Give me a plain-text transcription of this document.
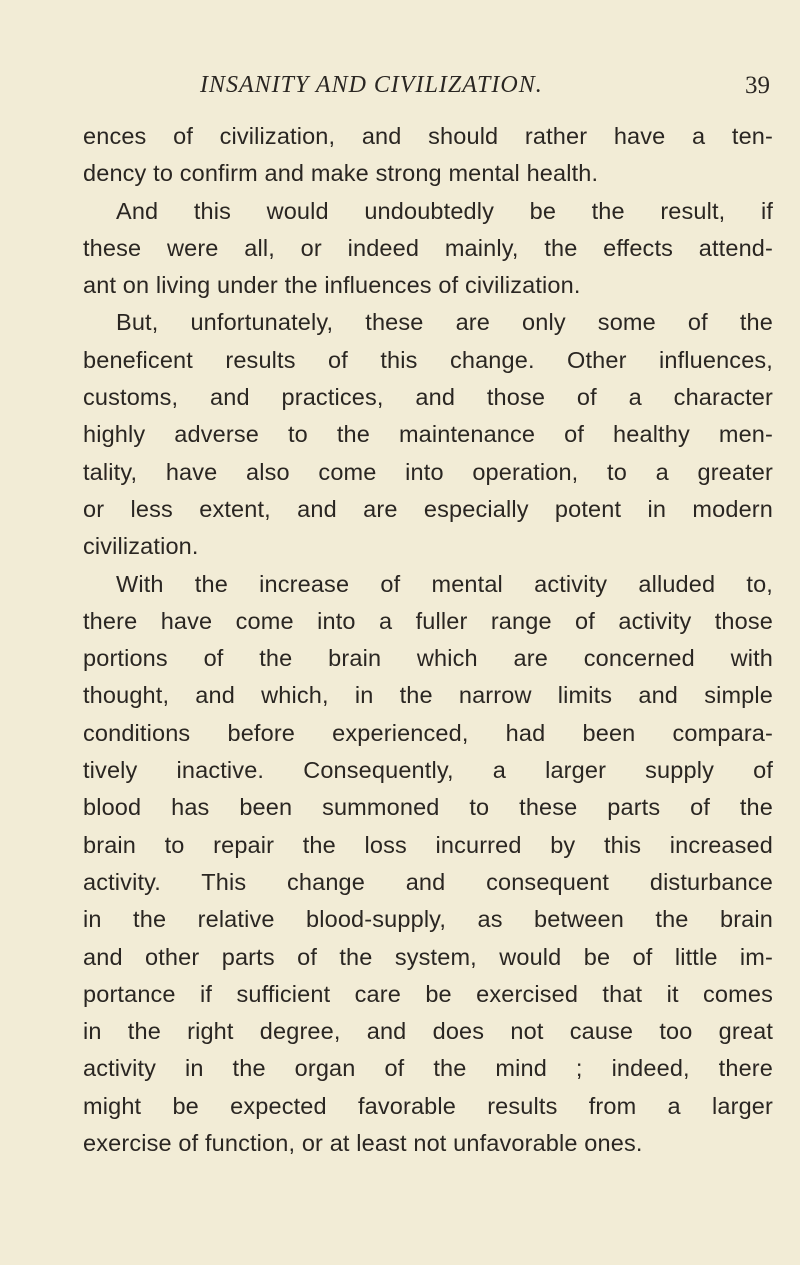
INSANITY AND CIVILIZATION.	39
ences of civilization, and should rather have a ten-
dency to confirm and make strong mental health.
And this would undoubtedly be the result, if
these were all, or indeed mainly, the effects attend-
ant on living under the influences of civilization.
But, unfortunately, these are only some of the
beneficent results of this change. Other influences,
customs, and practices, and those of a character
highly adverse to the maintenance of healthy men-
tality, have also come into operation, to a greater
or less extent, and are especially potent in modern
civilization.
With the increase of mental activity alluded to,
there have come into a fuller range of activity those
portions of the brain which are concerned with
thought, and which, in the narrow limits and simple
conditions before experienced, had been compara-
tively inactive. Consequently, a larger supply of
blood has been summoned to these parts of the
brain to repair the loss incurred by this increased
activity. This change and consequent disturbance
in the relative blood-supply, as between the brain
and other parts of the system, would be of little im-
portance if sufficient care be exercised that it comes
in the right degree, and does not cause too great
activity in the organ of the mind ; indeed, there
might be expected favorable results from a larger
exercise of function, or at least not unfavorable ones.
